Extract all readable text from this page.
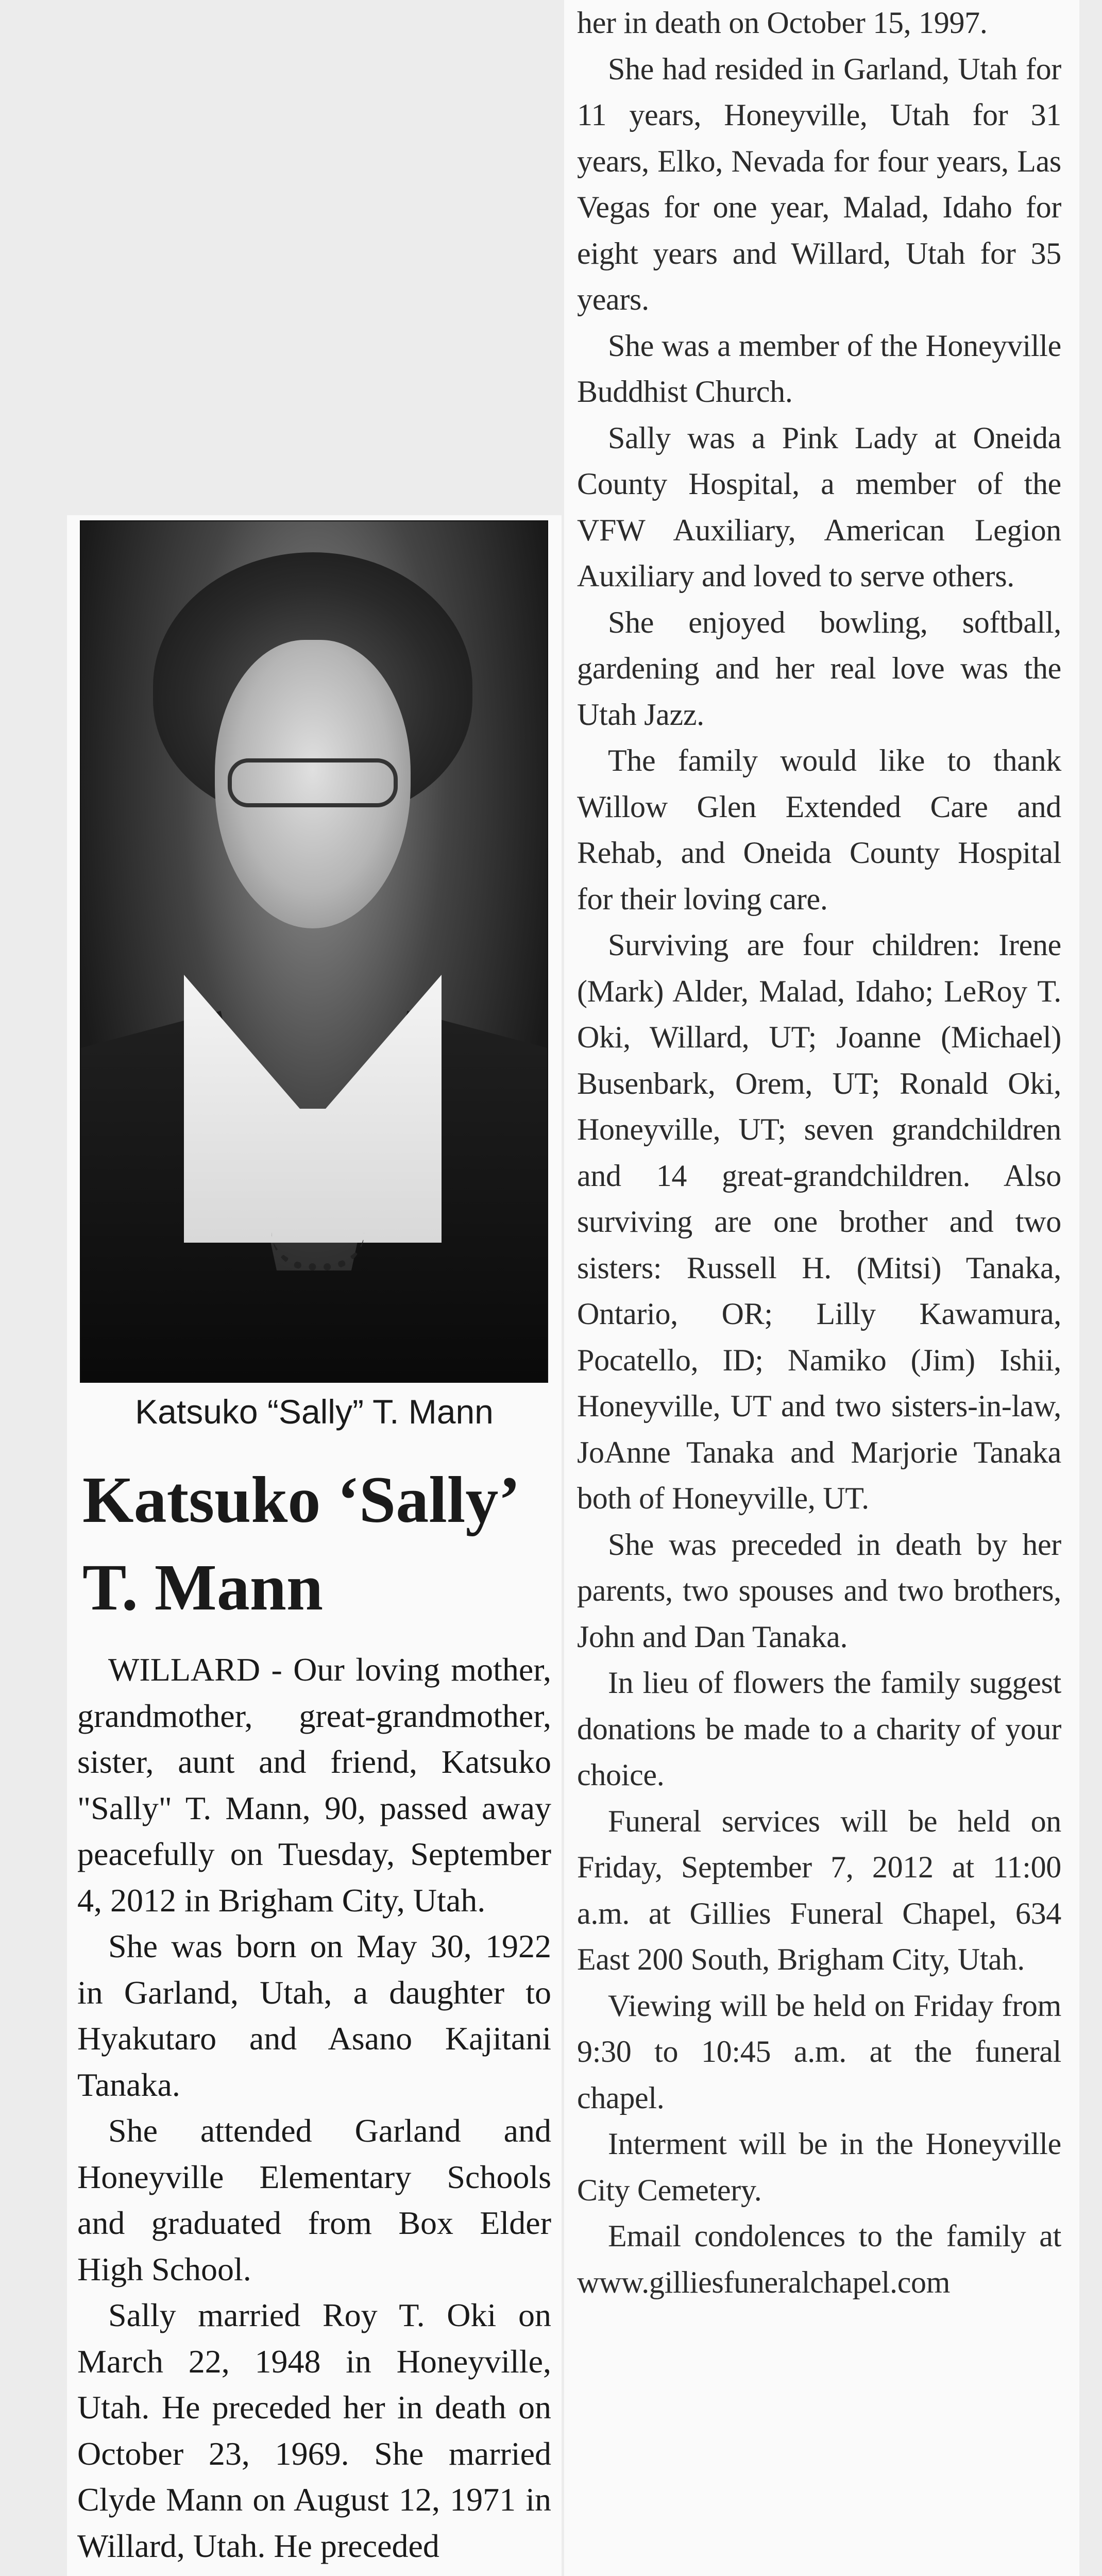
Katsuko “Sally” T. Mann
Katsuko ‘Sally’ T. Mann

WILLARD - Our loving mother, grandmother, great-grandmother, sister, aunt and friend, Katsuko "Sally" T. Mann, 90, passed away peacefully on Tuesday, September 4, 2012 in Brigham City, Utah.

She was born on May 30, 1922 in Garland, Utah, a daughter to Hyakutaro and Asano Kajitani Tanaka.

She attended Garland and Honeyville Elementary Schools and graduated from Box Elder High School.

Sally married Roy T. Oki on March 22, 1948 in Honeyville, Utah. He preceded her in death on October 23, 1969. She married Clyde Mann on August 12, 1971 in Willard, Utah. He preceded

her in death on October 15, 1997.

She had resided in Garland, Utah for 11 years, Honeyville, Utah for 31 years, Elko, Nevada for four years, Las Vegas for one year, Malad, Idaho for eight years and Willard, Utah for 35 years.

She was a member of the Honeyville Buddhist Church.

Sally was a Pink Lady at Oneida County Hospital, a member of the VFW Auxiliary, American Legion Auxiliary and loved to serve others.

She enjoyed bowling, softball, gardening and her real love was the Utah Jazz.

The family would like to thank Willow Glen Extended Care and Rehab, and Oneida County Hospital for their loving care.

Surviving are four children: Irene (Mark) Alder, Malad, Idaho; LeRoy T. Oki, Willard, UT; Joanne (Michael) Busenbark, Orem, UT; Ronald Oki, Honeyville, UT; seven grandchildren and 14 great-grandchildren. Also surviving are one brother and two sisters: Russell H. (Mitsi) Tanaka, Ontario, OR; Lilly Kawamura, Pocatello, ID; Namiko (Jim) Ishii, Honeyville, UT and two sisters-in-law, JoAnne Tanaka and Marjorie Tanaka both of Honeyville, UT.

She was preceded in death by her parents, two spouses and two brothers, John and Dan Tanaka.

In lieu of flowers the family suggest donations be made to a charity of your choice.

Funeral services will be held on Friday, September 7, 2012 at 11:00 a.m. at Gillies Funeral Chapel, 634 East 200 South, Brigham City, Utah.

Viewing will be held on Friday from 9:30 to 10:45 a.m. at the funeral chapel.

Interment will be in the Honeyville City Cemetery.

Email condolences to the family at www.gilliesfuneralchapel.com
